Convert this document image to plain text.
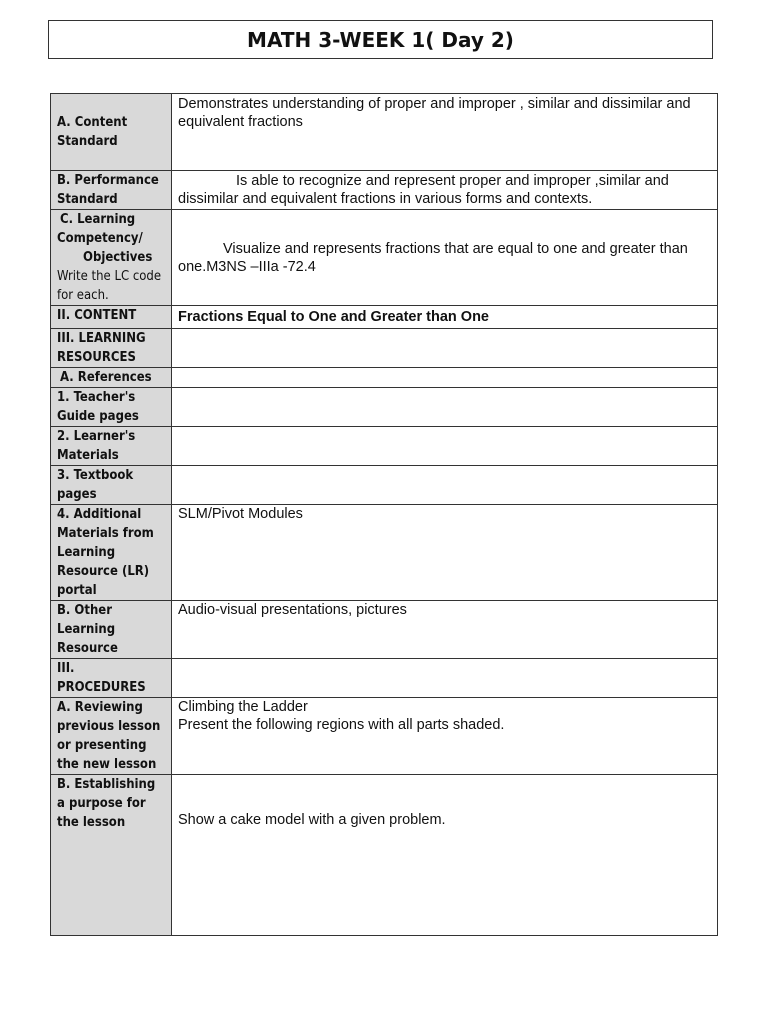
MATH 3-WEEK 1( Day 2)
A. Content Standard	Demonstrates understanding of proper and improper , similar and dissimilar and equivalent fractions

B. Performance
Standard	Is able to recognize and represent proper and improper ,similar and dissimilar and equivalent fractions in various forms and contexts.

C. Learning
Competency/
Objectives
Write the LC code for each.	Visualize and represents fractions that are equal to one and greater than one.M3NS –IIIa -72.4

II. CONTENT	Fractions Equal to One and Greater than One
III. LEARNING RESOURCES	
A. References	
1. Teacher's Guide pages	
2. Learner's Materials	
3. Textbook pages	
4. Additional Materials from Learning Resource (LR) portal	SLM/Pivot Modules

B. Other Learning Resource	Audio-visual presentations, pictures

III. PROCEDURES	
A. Reviewing previous lesson or presenting the new lesson	Climbing the Ladder
Present the following regions with all parts shaded.

B. Establishing a purpose for the lesson	Show a cake model with a given problem.
